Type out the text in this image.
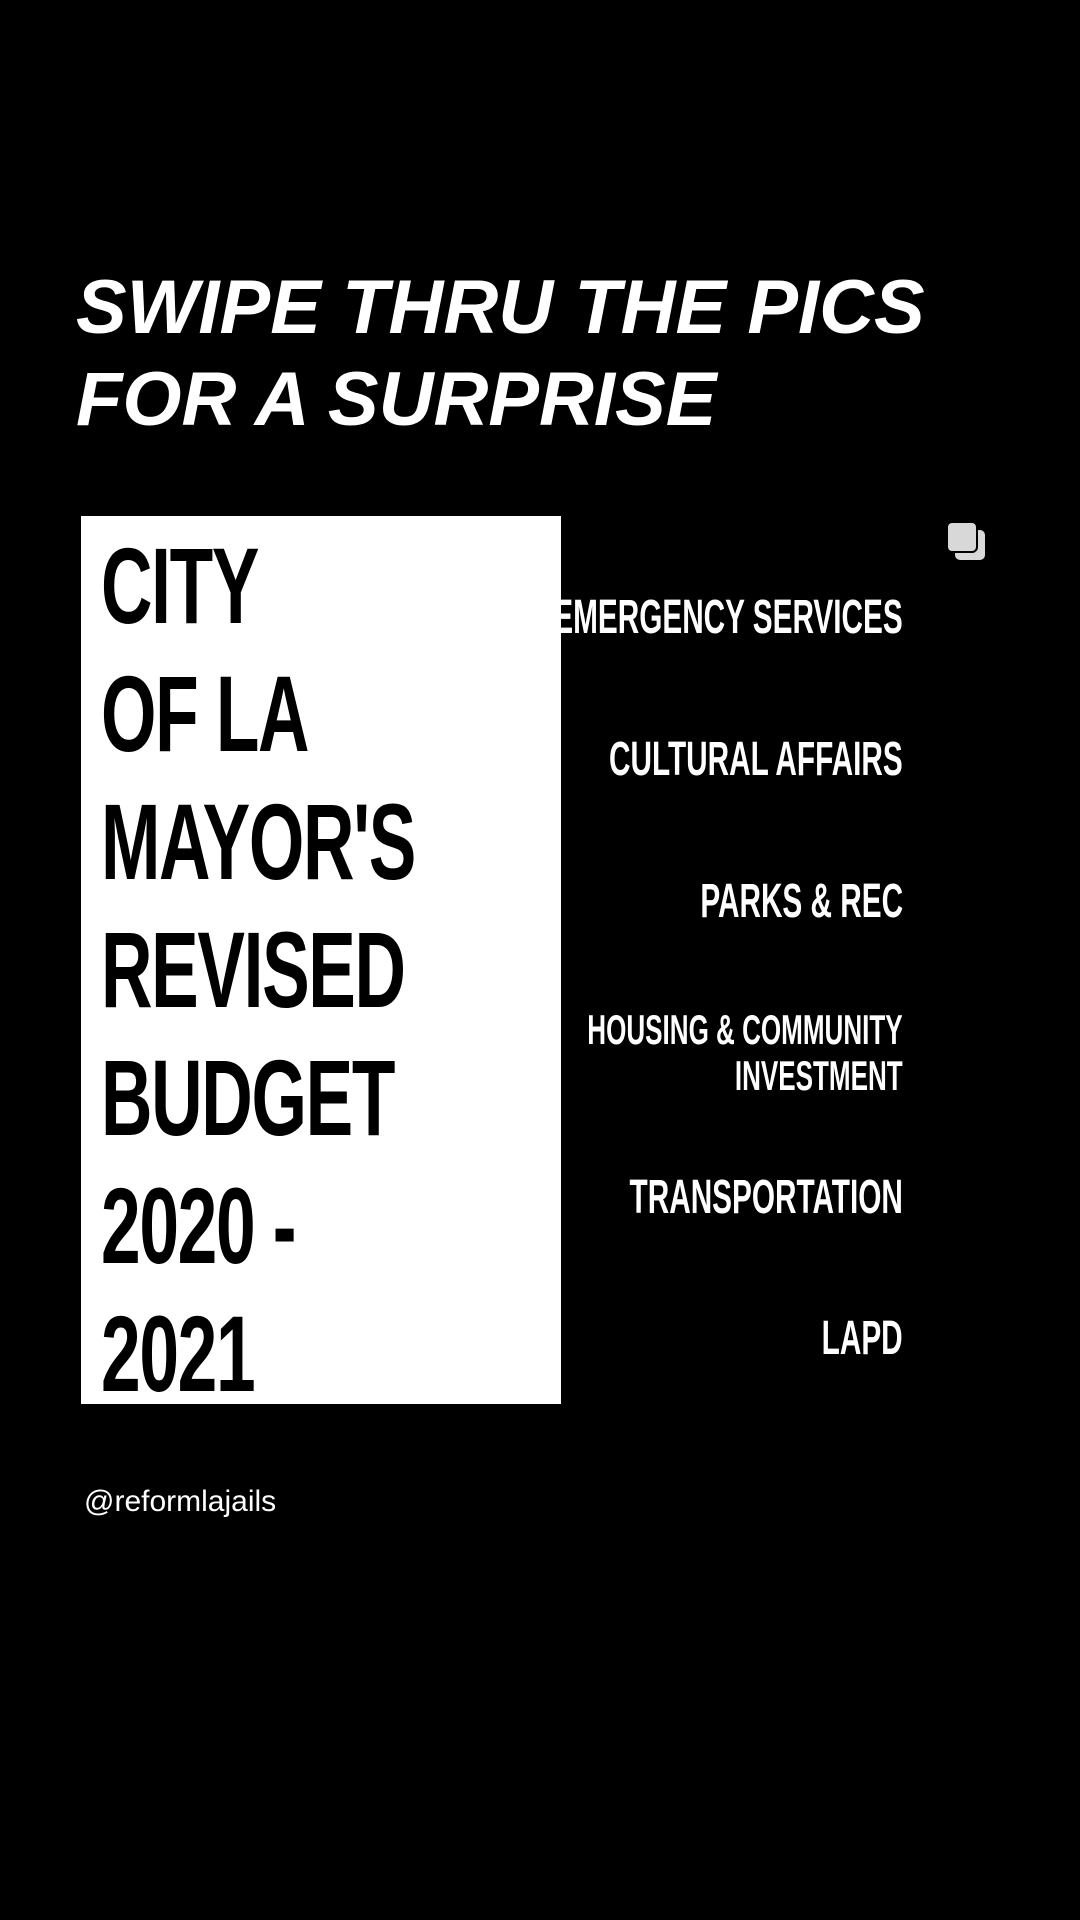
SWIPE THRU THE PICS
FOR A SURPRISE
CITY
OF LA
MAYOR'S
REVISED
BUDGET
2020 -
2021
EMERGENCY SERVICES
CULTURAL AFFAIRS
PARKS & REC
HOUSING & COMMUNITY
INVESTMENT
TRANSPORTATION
LAPD
@reformlajails
